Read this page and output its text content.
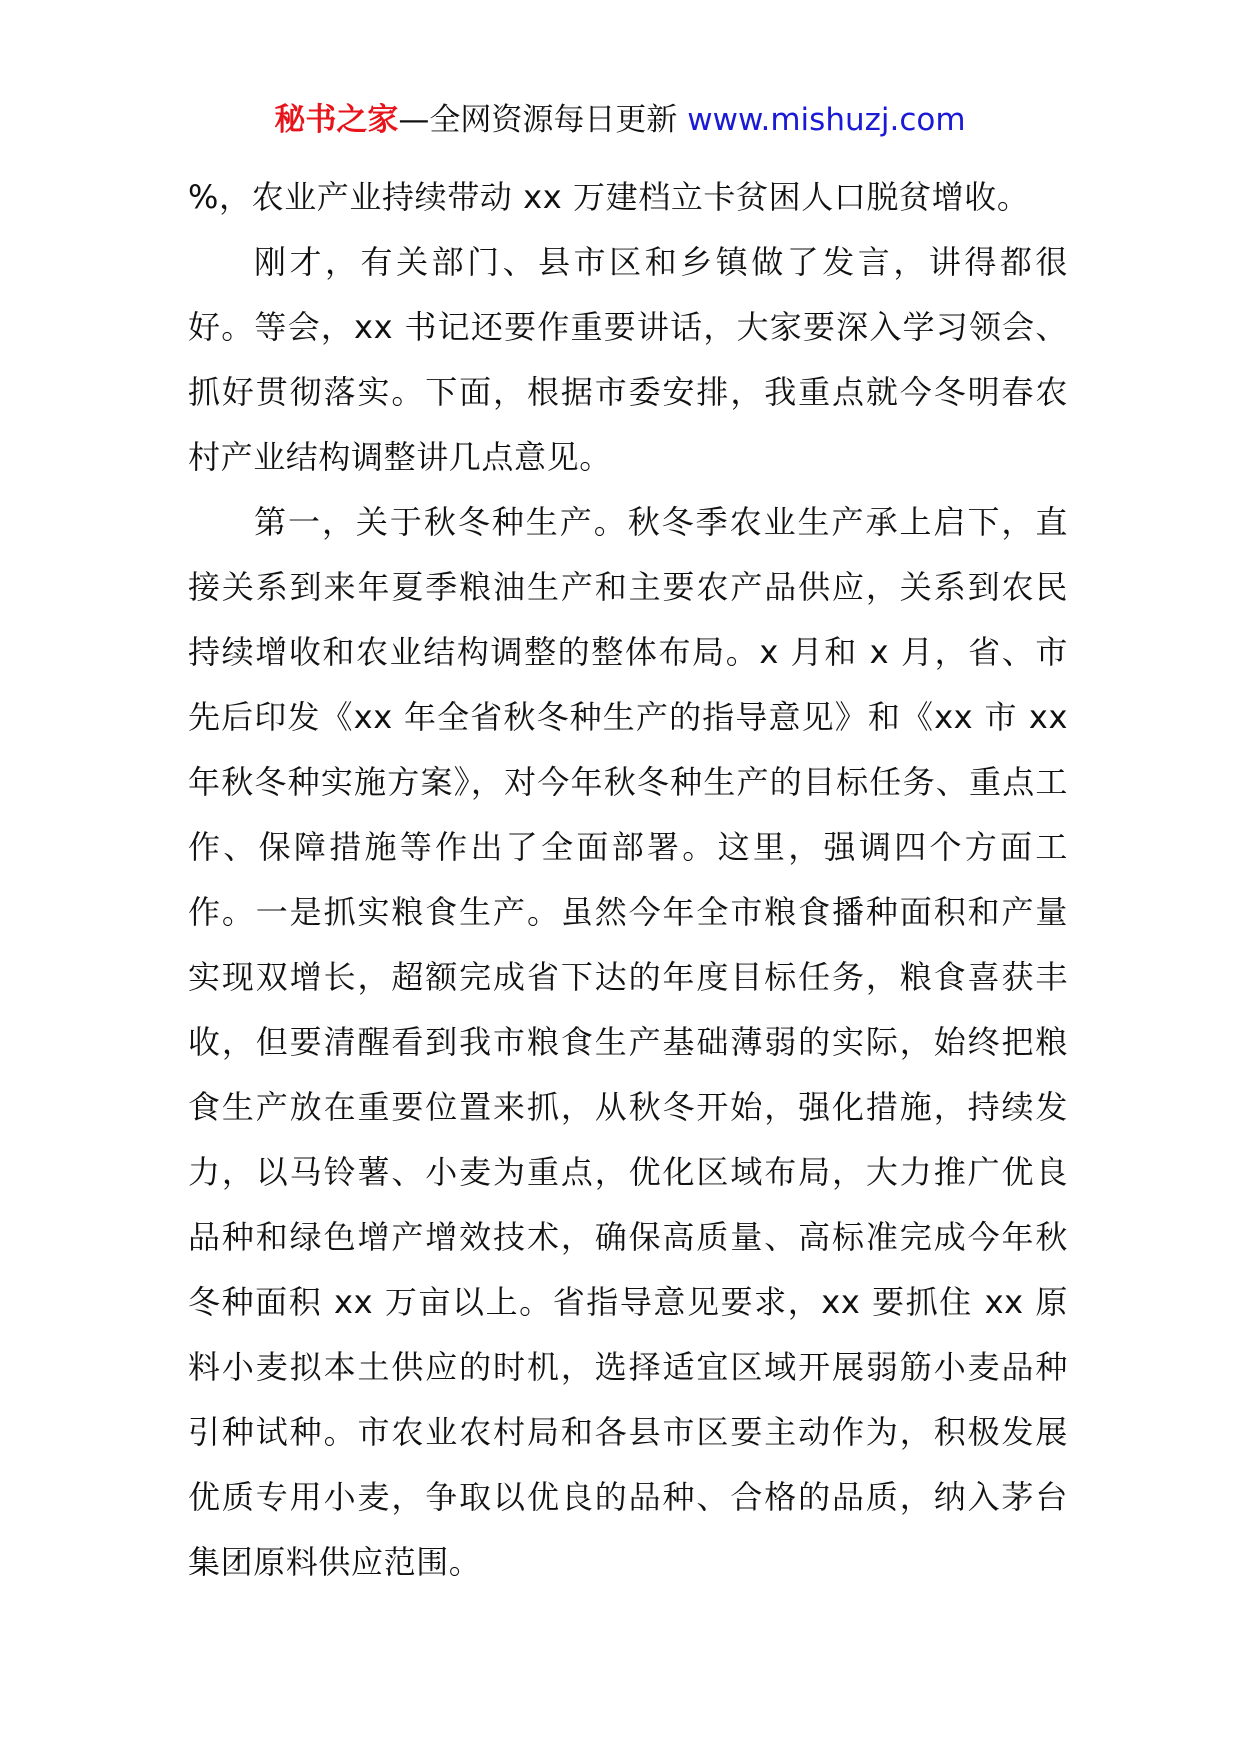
秘书之家—全网资源每日更新 www.mishuzj.com

%，农业产业持续带动 xx 万建档立卡贫困人口脱贫增收。

刚才，有关部门、县市区和乡镇做了发言，讲得都很好。等会，xx 书记还要作重要讲话，大家要深入学习领会、抓好贯彻落实。下面，根据市委安排，我重点就今冬明春农村产业结构调整讲几点意见。

第一，关于秋冬种生产。秋冬季农业生产承上启下，直接关系到来年夏季粮油生产和主要农产品供应，关系到农民持续增收和农业结构调整的整体布局。x 月和 x 月，省、市先后印发《xx 年全省秋冬种生产的指导意见》和《xx 市 xx 年秋冬种实施方案》，对今年秋冬种生产的目标任务、重点工作、保障措施等作出了全面部署。这里，强调四个方面工作。一是抓实粮食生产。虽然今年全市粮食播种面积和产量实现双增长，超额完成省下达的年度目标任务，粮食喜获丰收，但要清醒看到我市粮食生产基础薄弱的实际，始终把粮食生产放在重要位置来抓，从秋冬开始，强化措施，持续发力，以马铃薯、小麦为重点，优化区域布局，大力推广优良品种和绿色增产增效技术，确保高质量、高标准完成今年秋冬种面积 xx 万亩以上。省指导意见要求，xx 要抓住 xx 原料小麦拟本土供应的时机，选择适宜区域开展弱筋小麦品种引种试种。市农业农村局和各县市区要主动作为，积极发展优质专用小麦，争取以优良的品种、合格的品质，纳入茅台集团原料供应范围。
